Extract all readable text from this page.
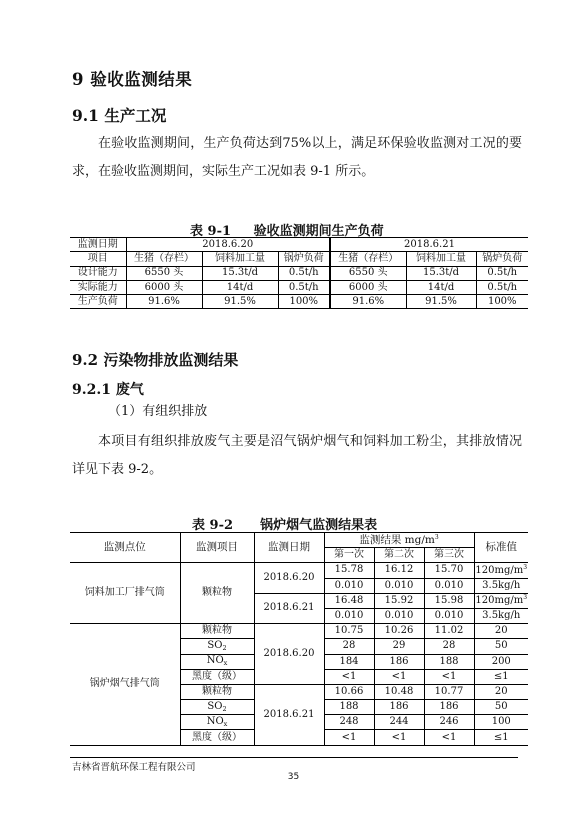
9 验收监测结果
9.1 生产工况
在验收监测期间，生产负荷达到75%以上，满足环保验收监测对工况的要求，在验收监测期间，实际生产工况如表 9-1 所示。
表 9-1     验收监测期间生产负荷
监测日期	2018.6.20			2018.6.21		
项目	生猪（存栏）	饲料加工量	锅炉负荷	生猪（存栏）	饲料加工量	锅炉负荷
设计能力	6550 头	15.3t/d	0.5t/h	6550 头	15.3t/d	0.5t/h
实际能力	6000 头	14t/d	0.5t/h	6000 头	14t/d	0.5t/h
生产负荷	91.6%	91.5%	100%	91.6%	91.5%	100%
9.2 污染物排放监测结果
9.2.1 废气
（1）有组织排放
本项目有组织排放废气主要是沼气锅炉烟气和饲料加工粉尘，其排放情况详见下表 9-2。
表 9-2      锅炉烟气监测结果表
监测点位	监测项目	监测日期	监测结果 $mg/m^3$			标准值
			第一次	第二次	第三次	
饲料加工厂排气筒	颗粒物	2018.6.20	15.78	16.12	15.70	$120mg/m^3$
			0.010	0.010	0.010	3.5kg/h
		2018.6.21	16.48	15.92	15.98	$120mg/m^3$
			0.010	0.010	0.010	3.5kg/h
锅炉烟气排气筒	颗粒物	2018.6.20	10.75	10.26	11.02	20
	$SO_2$		28	29	28	50
	$NO_x$		184	186	188	200
	黑度（级）		<1	<1	<1	≤1
	颗粒物	2018.6.21	10.66	10.48	10.77	20
	$SO_2$		188	186	186	50
	$NO_x$		248	244	246	100
	黑度（级）		<1	<1	<1	≤1
吉林省晋航环保工程有限公司
35
